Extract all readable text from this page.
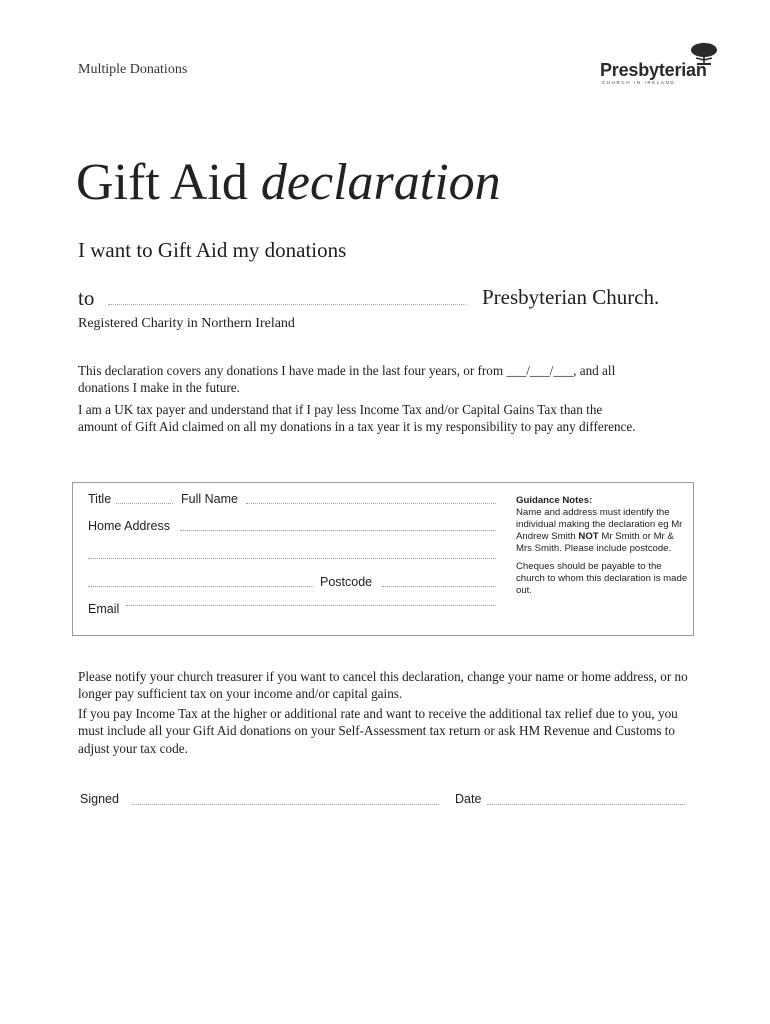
Multiple Donations	Presbyterian
CHURCH IN IRELAND
Gift Aid declaration
I want to Gift Aid my donations
to	Presbyterian Church.
Registered Charity in Northern Ireland
This declaration covers any donations I have made in the last four years, or from ___/___/___, and all donations I make in the future.
I am a UK tax payer and understand that if I pay less Income Tax and/or Capital Gains Tax than the amount of Gift Aid claimed on all my donations in a tax year it is my responsibility to pay any difference.
Title	Full Name
Home Address
Postcode
Email
Guidance Notes:
Name and address must identify the individual making the declaration eg Mr Andrew Smith NOT Mr Smith or Mr & Mrs Smith. Please include postcode.
Cheques should be payable to the church to whom this declaration is made out.
Please notify your church treasurer if you want to cancel this declaration, change your name or home address, or no longer pay sufficient tax on your income and/or capital gains.
If you pay Income Tax at the higher or additional rate and want to receive the additional tax relief due to you, you must include all your Gift Aid donations on your Self-Assessment tax return or ask HM Revenue and Customs to adjust your tax code.
Signed	Date
